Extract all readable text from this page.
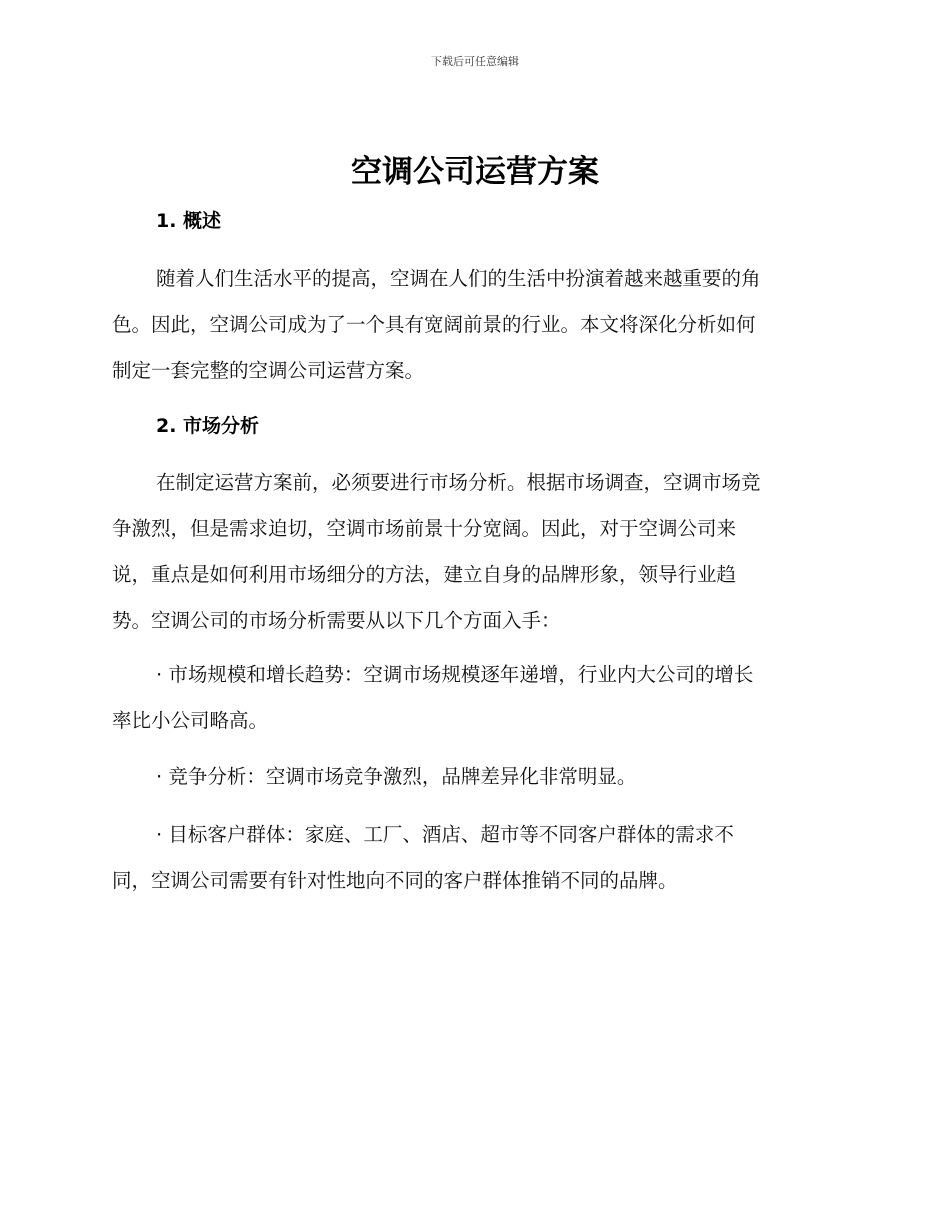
下载后可任意编辑
空调公司运营方案
1. 概述

随着人们生活水平的提高，空调在人们的生活中扮演着越来越重要的角
色。因此，空调公司成为了一个具有宽阔前景的行业。本文将深化分析如何
制定一套完整的空调公司运营方案。

2. 市场分析

在制定运营方案前，必须要进行市场分析。根据市场调查，空调市场竞
争激烈，但是需求迫切，空调市场前景十分宽阔。因此，对于空调公司来
说，重点是如何利用市场细分的方法，建立自身的品牌形象，领导行业趋
势。空调公司的市场分析需要从以下几个方面入手：

· 市场规模和增长趋势：空调市场规模逐年递增，行业内大公司的增长
率比小公司略高。

· 竞争分析：空调市场竞争激烈，品牌差异化非常明显。

· 目标客户群体：家庭、工厂、酒店、超市等不同客户群体的需求不
同，空调公司需要有针对性地向不同的客户群体推销不同的品牌。
